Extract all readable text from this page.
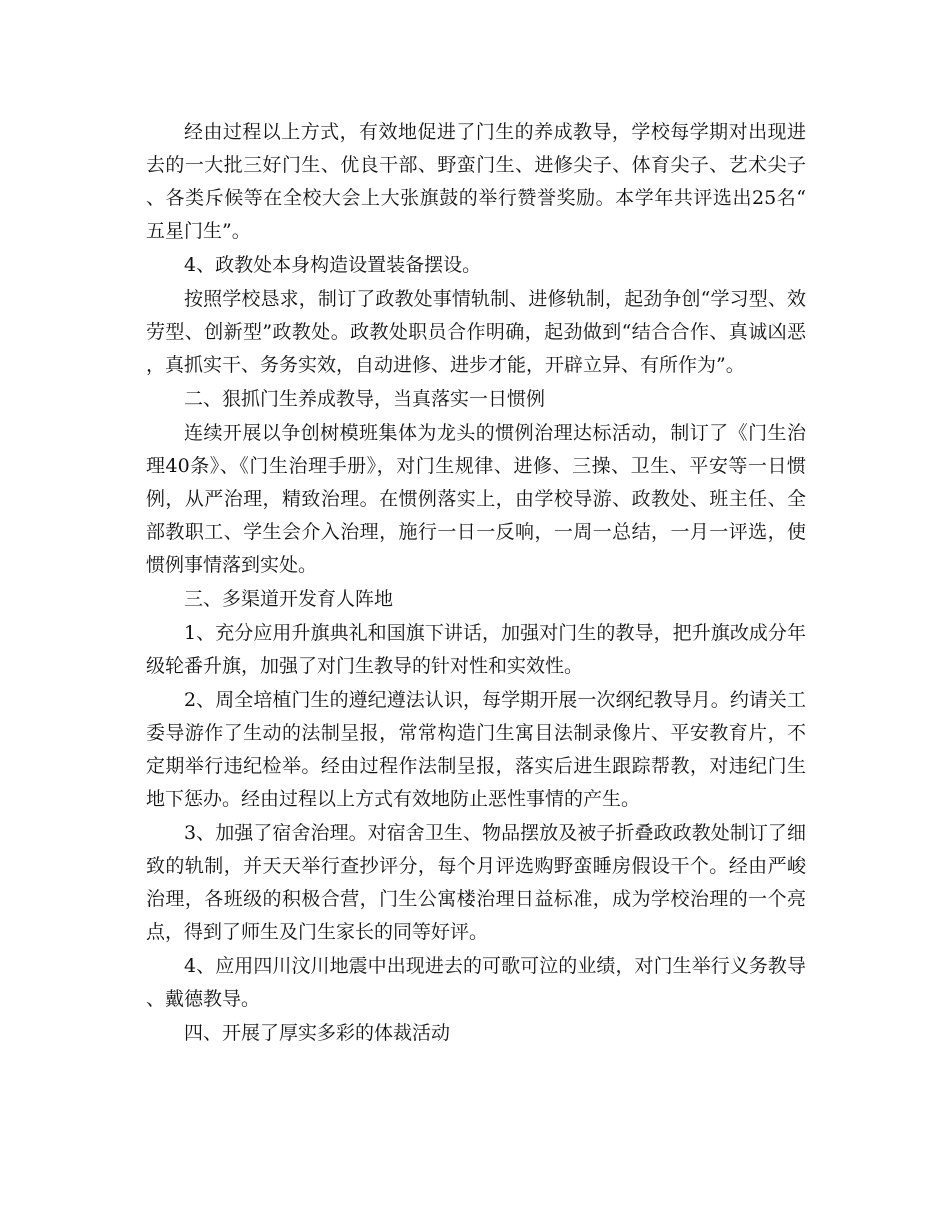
经由过程以上方式，有效地促进了门生的养成教导，学校每学期对出现进去的一大批三好门生、优良干部、野蛮门生、进修尖子、体育尖子、艺术尖子、各类斥候等在全校大会上大张旗鼓的举行赞誉奖励。本学年共评选出25名“五星门生”。

4、政教处本身构造设置装备摆设。

按照学校恳求，制订了政教处事情轨制、进修轨制，起劲争创“学习型、效劳型、创新型”政教处。政教处职员合作明确，起劲做到“结合合作、真诚凶恶，真抓实干、务务实效，自动进修、进步才能，开辟立异、有所作为”。

二、狠抓门生养成教导，当真落实一日惯例

连续开展以争创树模班集体为龙头的惯例治理达标活动，制订了《门生治理40条》、《门生治理手册》，对门生规律、进修、三操、卫生、平安等一日惯例，从严治理，精致治理。在惯例落实上，由学校导游、政教处、班主任、全部教职工、学生会介入治理，施行一日一反响，一周一总结，一月一评选，使惯例事情落到实处。

三、多渠道开发育人阵地

1、充分应用升旗典礼和国旗下讲话，加强对门生的教导，把升旗改成分年级轮番升旗，加强了对门生教导的针对性和实效性。

2、周全培植门生的遵纪遵法认识，每学期开展一次纲纪教导月。约请关工委导游作了生动的法制呈报，常常构造门生寓目法制录像片、平安教育片，不定期举行违纪检举。经由过程作法制呈报，落实后进生跟踪帮教，对违纪门生地下惩办。经由过程以上方式有效地防止恶性事情的产生。

3、加强了宿舍治理。对宿舍卫生、物品摆放及被子折叠政政教处制订了细致的轨制，并天天举行查抄评分，每个月评选购野蛮睡房假设干个。经由严峻治理，各班级的积极合营，门生公寓楼治理日益标准，成为学校治理的一个亮点，得到了师生及门生家长的同等好评。

4、应用四川汶川地震中出现进去的可歌可泣的业绩，对门生举行义务教导、戴德教导。

四、开展了厚实多彩的体裁活动
